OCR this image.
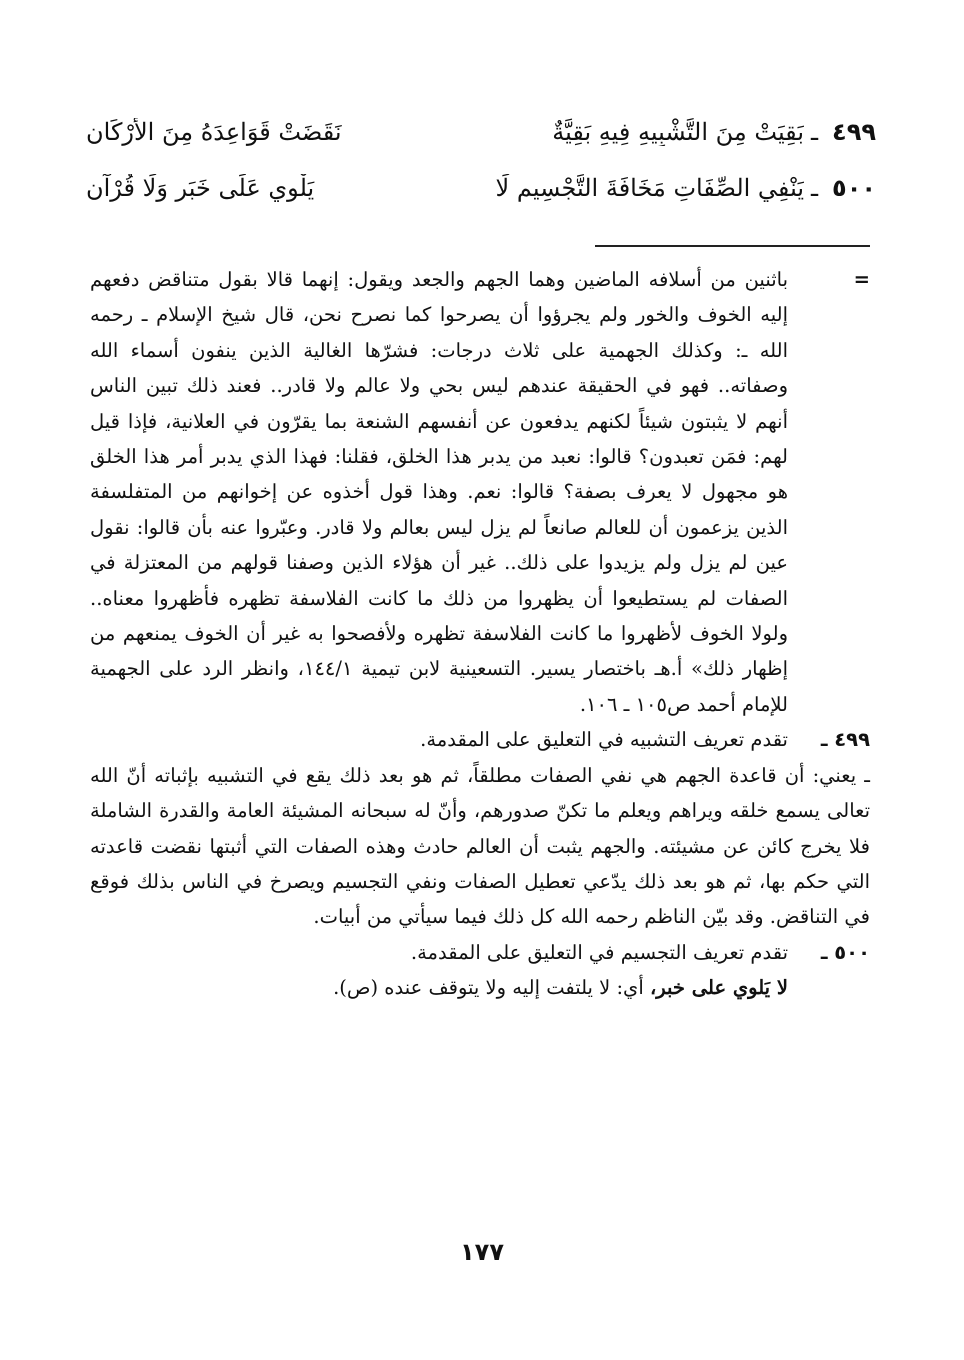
٤٩٩
ـ
بَقِيَتْ مِنَ التَّشْبِيهِ فِيهِ بَقِيَّةٌ
نَقَضَتْ قَوَاعِدَهُ مِنَ الأَرْكَانِ
٥٠٠
ـ
يَنْفِي الصِّفَاتِ مَخَافَةَ التَّجْسِيمِ لَا
يَلْوِي عَلَى خَبَرٍ وَلَا قُرْآنِ
=
باثنين من أسلافه الماضين وهما الجهم والجعد ويقول: إنهما قالا بقول متناقض دفعهم إليه الخوف والخور ولم يجرؤوا أن يصرحوا كما نصرح نحن، قال شيخ الإسلام ـ رحمه الله ـ: وكذلك الجهمية على ثلاث درجات: فشرّها الغالية الذين ينفون أسماء الله وصفاته.. فهو في الحقيقة عندهم ليس بحي ولا عالم ولا قادر.. فعند ذلك تبين الناس أنهم لا يثبتون شيئاً لكنهم يدفعون عن أنفسهم الشنعة بما يقرّون في العلانية، فإذا قيل لهم: فمَن تعبدون؟ قالوا: نعبد من يدبر هذا الخلق، فقلنا: فهذا الذي يدبر أمر هذا الخلق هو مجهول لا يعرف بصفة؟ قالوا: نعم. وهذا قول أخذوه عن إخوانهم من المتفلسفة الذين يزعمون أن للعالم صانعاً لم يزل ليس بعالم ولا قادر. وعبّروا عنه بأن قالوا: نقول عين لم يزل ولم يزيدوا على ذلك.. غير أن هؤلاء الذين وصفنا قولهم من المعتزلة في الصفات لم يستطيعوا أن يظهروا من ذلك ما كانت الفلاسفة تظهره فأظهروا معناه.. ولولا الخوف لأظهروا ما كانت الفلاسفة تظهره ولأفصحوا به غير أن الخوف يمنعهم من إظهار ذلك» أ.هـ باختصار يسير. التسعينية لابن تيمية ١٤٤/١، وانظر الرد على الجهمية للإمام أحمد ص١٠٥ ـ ١٠٦.
٤٩٩ ـ
تقدم تعريف التشبيه في التعليق على المقدمة.
ـ يعني: أن قاعدة الجهم هي نفي الصفات مطلقاً، ثم هو بعد ذلك يقع في التشبيه بإثباته أنّ الله تعالى يسمع خلقه ويراهم ويعلم ما تكنّ صدورهم، وأنّ له سبحانه المشيئة العامة والقدرة الشاملة فلا يخرج كائن عن مشيئته. والجهم يثبت أن العالم حادث وهذه الصفات التي أثبتها نقضت قاعدته التي حكم بها، ثم هو بعد ذلك يدّعي تعطيل الصفات ونفي التجسيم ويصرخ في الناس بذلك فوقع في التناقض. وقد بيّن الناظم رحمه الله كل ذلك فيما سيأتي من أبيات.
٥٠٠ ـ
تقدم تعريف التجسيم في التعليق على المقدمة.
لا يَلوي على خبر، أي: لا يلتفت إليه ولا يتوقف عنده (ص).
١٧٧
